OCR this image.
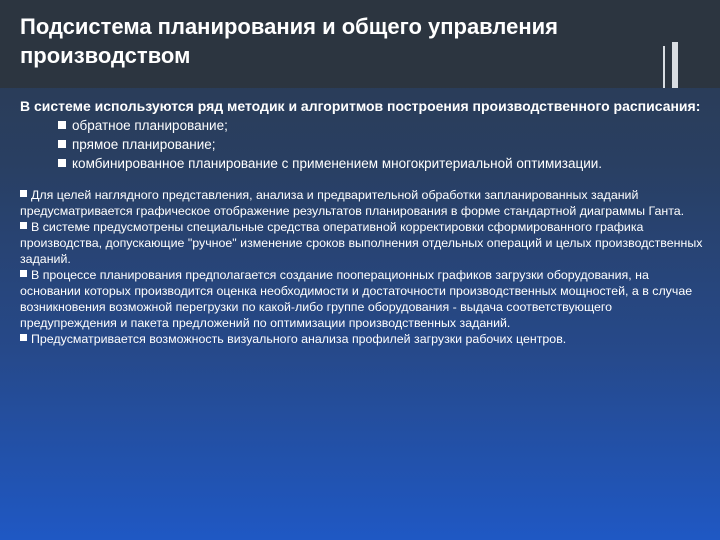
Подсистема планирования и общего управления производством

В системе используются ряд методик и алгоритмов построения производственного расписания:

обратное планирование;
прямое планирование;
комбинированное планирование с применением многокритериальной оптимизации.

Для целей наглядного представления, анализа и предварительной обработки запланированных заданий предусматривается графическое отображение результатов планирования в форме стандартной диаграммы Ганта.

В системе предусмотрены специальные средства оперативной корректировки сформированного графика производства, допускающие "ручное" изменение сроков выполнения отдельных операций и целых производственных заданий.

В процессе планирования предполагается создание пооперационных графиков загрузки оборудования, на основании которых производится оценка необходимости и достаточности производственных мощностей, а в случае возникновения возможной перегрузки по какой-либо группе оборудования - выдача соответствующего предупреждения и пакета предложений по оптимизации производственных заданий.

Предусматривается возможность визуального анализа профилей загрузки рабочих центров.
